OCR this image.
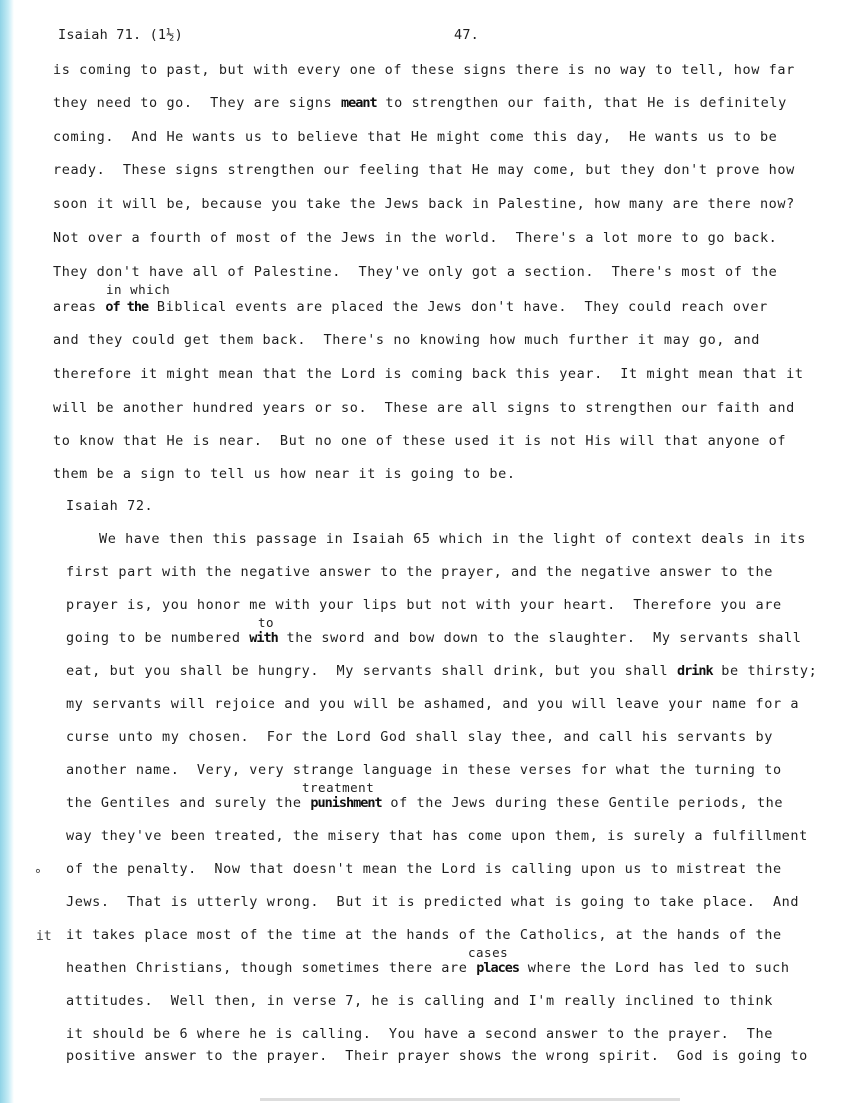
Isaiah 71. (1½)	47.
is coming to past, but with every one of these signs there is no way to tell, how far
they need to go.  They are signs meant to strengthen our faith, that He is definitely
coming.  And He wants us to believe that He might come this day,  He wants us to be
ready.  These signs strengthen our feeling that He may come, but they don't prove how
soon it will be, because you take the Jews back in Palestine, how many are there now?
Not over a fourth of most of the Jews in the world.  There's a lot more to go back.
They don't have all of Palestine.  They've only got a section.  There's most of the
in which
areas of the Biblical events are placed the Jews don't have.  They could reach over
and they could get them back.  There's no knowing how much further it may go, and
therefore it might mean that the Lord is coming back this year.  It might mean that it
will be another hundred years or so.  These are all signs to strengthen our faith and
to know that He is near.  But no one of these used it is not His will that anyone of
them be a sign to tell us how near it is going to be.
Isaiah 72.
We have then this passage in Isaiah 65 which in the light of context deals in its
first part with the negative answer to the prayer, and the negative answer to the
prayer is, you honor me with your lips but not with your heart.  Therefore you are
to
going to be numbered with the sword and bow down to the slaughter.  My servants shall
eat, but you shall be hungry.  My servants shall drink, but you shall drink be thirsty;
my servants will rejoice and you will be ashamed, and you will leave your name for a
curse unto my chosen.  For the Lord God shall slay thee, and call his servants by
another name.  Very, very strange language in these verses for what the turning to
treatment
the Gentiles and surely the punishment of the Jews during these Gentile periods, the
way they've been treated, the misery that has come upon them, is surely a fulfillment
∘ of the penalty.  Now that doesn't mean the Lord is calling upon us to mistreat the
Jews.  That is utterly wrong.  But it is predicted what is going to take place.  And
it it takes place most of the time at the hands of the Catholics, at the hands of the
cases
heathen Christians, though sometimes there are places where the Lord has led to such
attitudes.  Well then, in verse 7, he is calling and I'm really inclined to think
it should be 6 where he is calling.  You have a second answer to the prayer.  The
positive answer to the prayer.  Their prayer shows the wrong spirit.  God is going to
